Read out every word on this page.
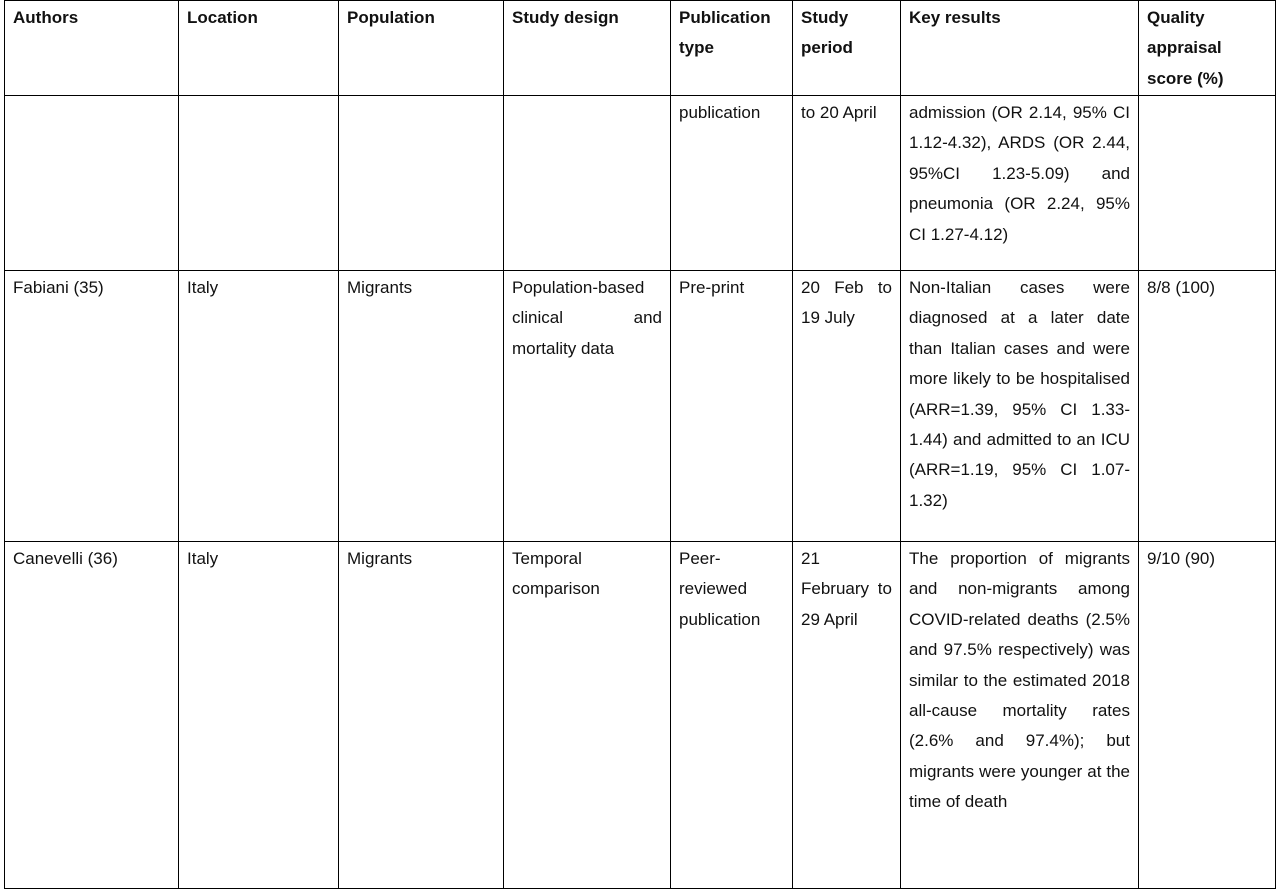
Authors	Location	Population	Study design	Publication type	Study period	Key results	Quality appraisal score (%)
				publication	to 20 April	admission (OR 2.14, 95% CI 1.12-4.32), ARDS (OR 2.44, 95%CI 1.23-5.09) and pneumonia (OR 2.24, 95% CI 1.27-4.12)	
Fabiani (35)	Italy	Migrants	Population-based clinical and mortality data	Pre-print	20 Feb to 19 July	Non-Italian cases were diagnosed at a later date than Italian cases and were more likely to be hospitalised (ARR=1.39, 95% CI 1.33-1.44) and admitted to an ICU (ARR=1.19, 95% CI 1.07-1.32)	8/8 (100)
Canevelli (36)	Italy	Migrants	Temporal comparison	Peer-reviewed publication	21 February to 29 April	The proportion of migrants and non-migrants among COVID-related deaths (2.5% and 97.5% respectively) was similar to the estimated 2018 all-cause mortality rates (2.6% and 97.4%); but migrants were younger at the time of death	9/10 (90)
